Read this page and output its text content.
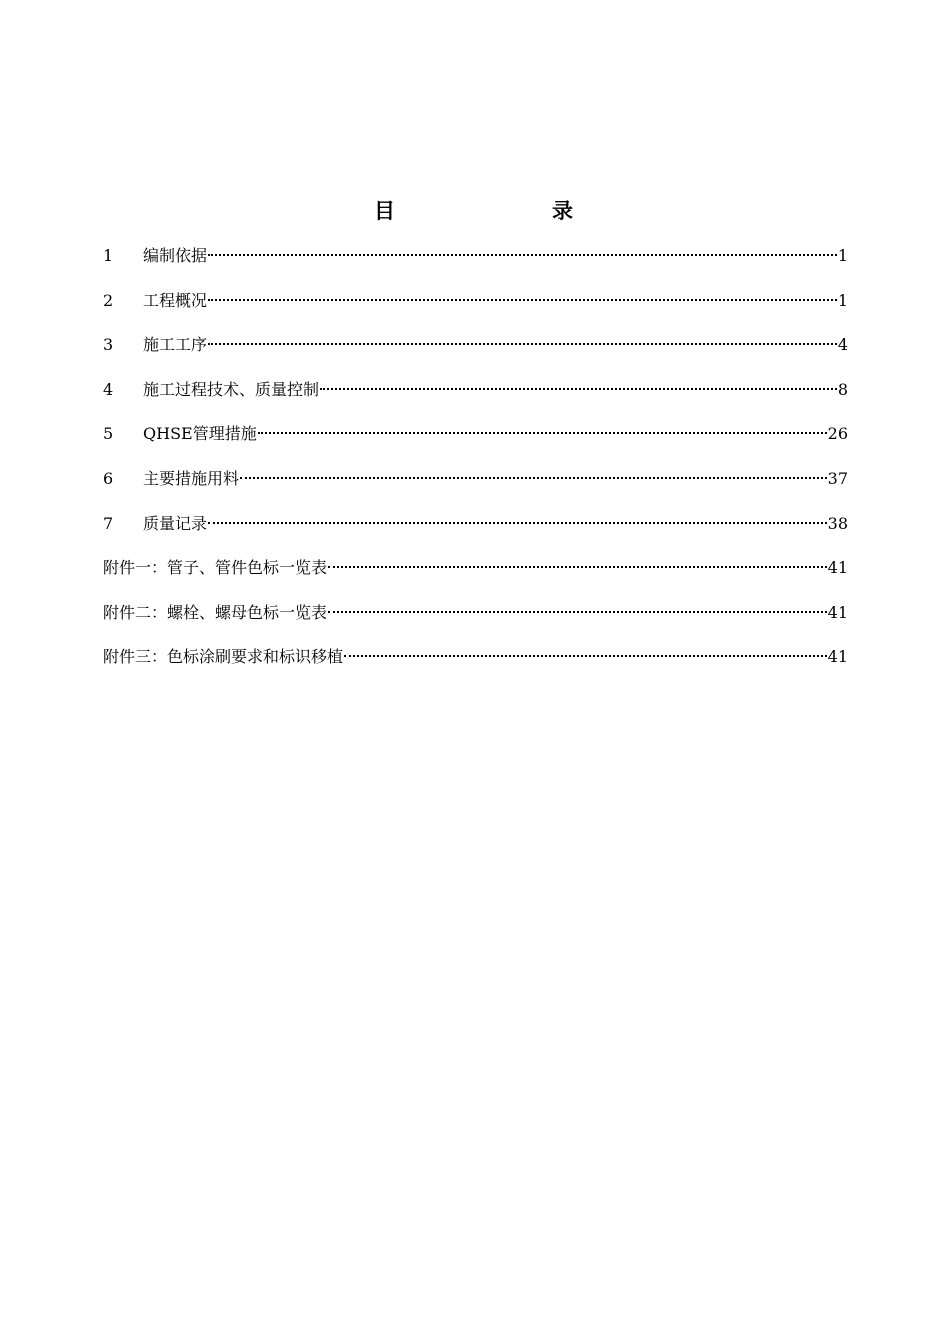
目	录
1	编制依据	1
2	工程概况	1
3	施工工序	4
4	施工过程技术、质量控制	8
5	QHSE管理措施	26
6	主要措施用料	37
7	质量记录	38
附件一：管子、管件色标一览表	41
附件二：螺栓、螺母色标一览表	41
附件三：色标涂刷要求和标识移植	41
